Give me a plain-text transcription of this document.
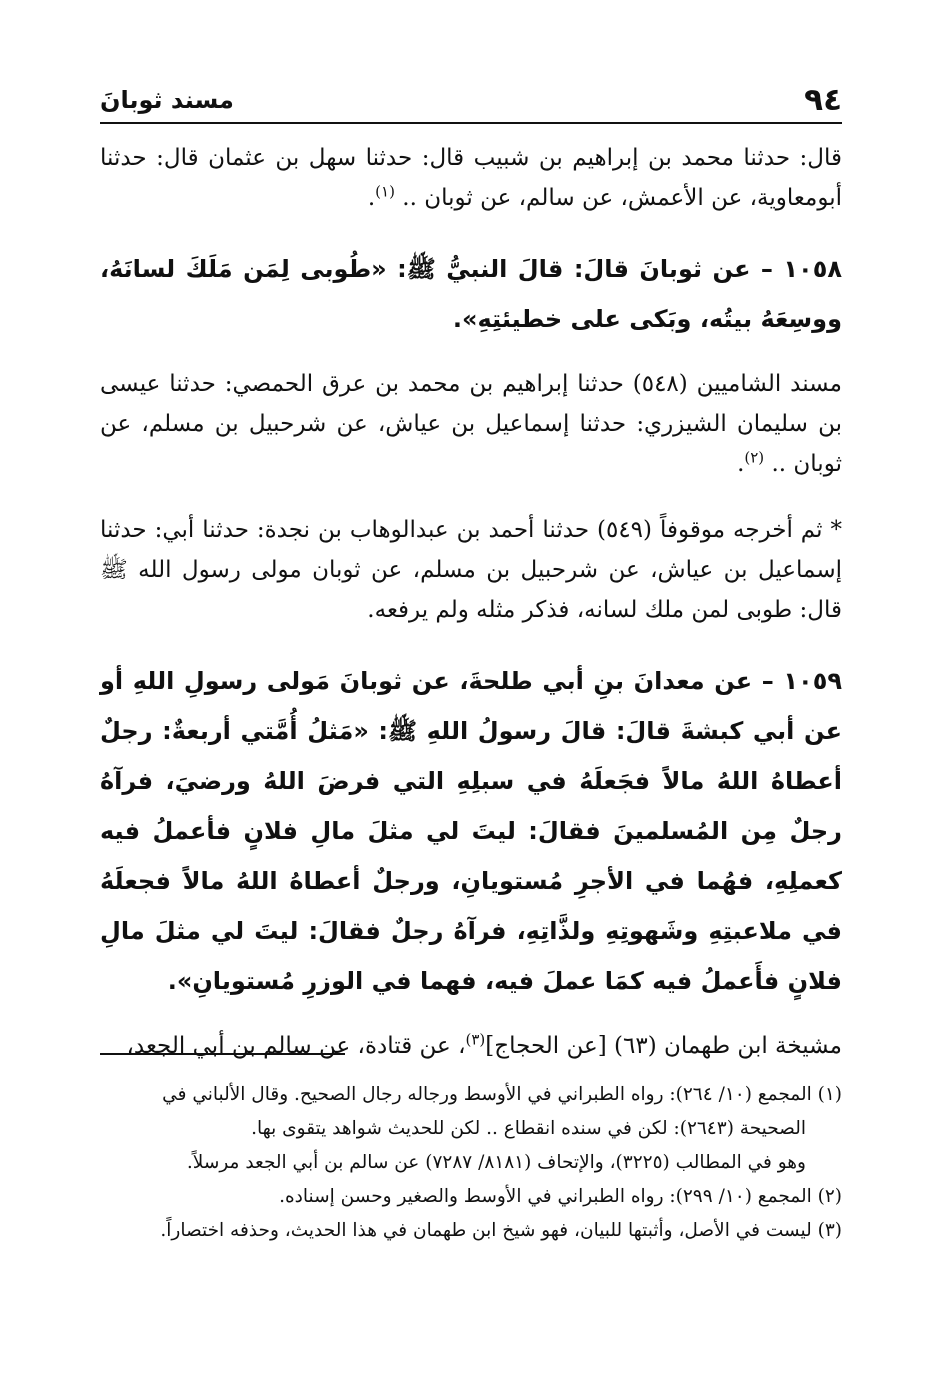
٩٤
مسند ثوبانَ

قال: حدثنا محمد بن إبراهيم بن شبيب قال: حدثنا سهل بن عثمان قال: حدثنا أبومعاوية، عن الأعمش، عن سالم، عن ثوبان .. $^{(١)}$.

١٠٥٨ – عن ثوبانَ قالَ: قالَ النبيُّ ﷺ: «طُوبى لِمَن مَلَكَ لسانَهُ، ووسِعَهُ بيتُه، وبَكى على خطيئتِهِ».

مسند الشاميين (٥٤٨) حدثنا إبراهيم بن محمد بن عرق الحمصي: حدثنا عيسى بن سليمان الشيزري: حدثنا إسماعيل بن عياش، عن شرحبيل بن مسلم، عن ثوبان .. $^{(٢)}$.

* ثم أخرجه موقوفاً (٥٤٩) حدثنا أحمد بن عبدالوهاب بن نجدة: حدثنا أبي: حدثنا إسماعيل بن عياش، عن شرحبيل بن مسلم، عن ثوبان مولى رسول الله ﷺ قال: طوبى لمن ملك لسانه، فذكر مثله ولم يرفعه.

١٠٥٩ – عن معدانَ بنِ أبي طلحةَ، عن ثوبانَ مَولى رسولِ اللهِ أو عن أبي كبشةَ قالَ: قالَ رسولُ اللهِ ﷺ: «مَثلُ أُمَّتي أربعةٌ: رجلٌ أعطاهُ اللهُ مالاً فجَعلَهُ في سبلِهِ التي فرضَ اللهُ ورضيَ، فرآهُ رجلٌ مِن المُسلمينَ فقالَ: ليتَ لي مثلَ مالِ فلانٍ فأعملُ فيه كعملِهِ، فهُما في الأجرِ مُستويانِ، ورجلٌ أعطاهُ اللهُ مالاً فجعلَهُ في ملاعبتِهِ وشَهوتِهِ ولذَّاتِهِ، فرآهُ رجلٌ فقالَ: ليتَ لي مثلَ مالِ فلانٍ فأَعملُ فيه كمَا عملَ فيه، فهما في الوزرِ مُستويانِ».

مشيخة ابن طهمان (٦٣) [عن الحجاج]$^{(٣)}$، عن قتادة، عن سالم بن أبي الجعد،

(١) المجمع (١٠/ ٢٦٤): رواه الطبراني في الأوسط ورجاله رجال الصحيح. وقال الألباني في

الصحيحة (٢٦٤٣): لكن في سنده انقطاع .. لكن للحديث شواهد يتقوى بها.

وهو في المطالب (٣٢٢٥)، والإتحاف (٨١٨١/ ٧٢٨٧) عن سالم بن أبي الجعد مرسلاً.

(٢) المجمع (١٠/ ٢٩٩): رواه الطبراني في الأوسط والصغير وحسن إسناده.

(٣) ليست في الأصل، وأثبتها للبيان، فهو شيخ ابن طهمان في هذا الحديث، وحذفه اختصاراً.
